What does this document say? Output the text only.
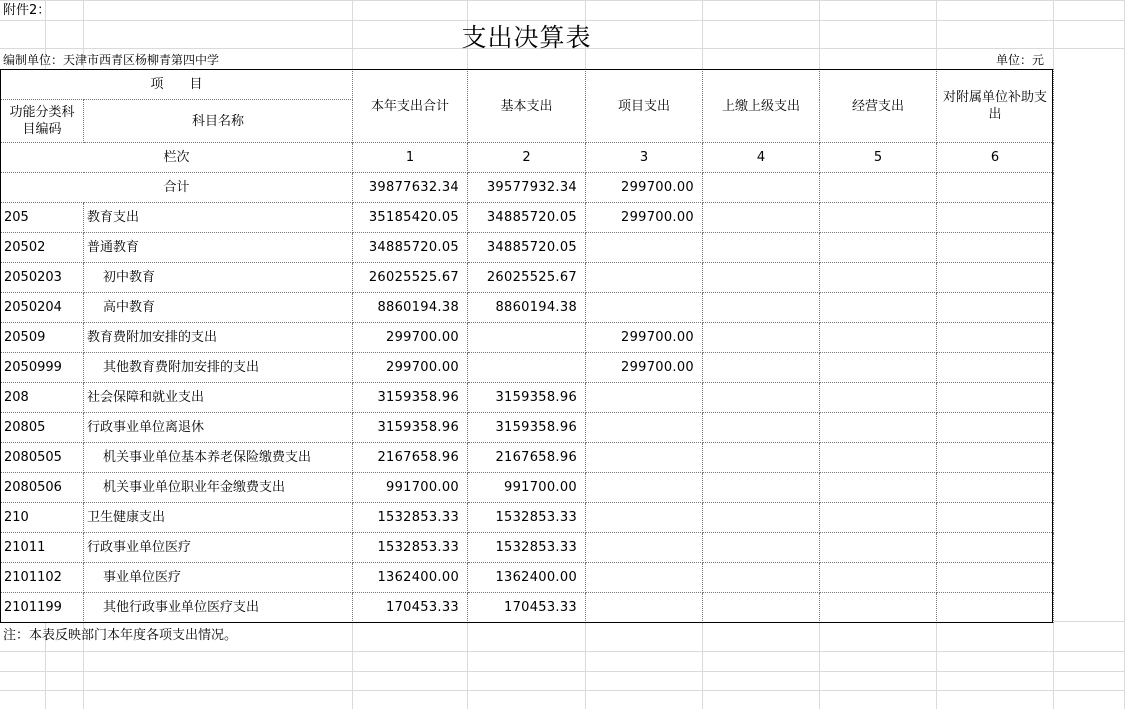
附件2：
支出决算表
编制单位：天津市西青区杨柳青第四中学	单位：元
项　　目		本年支出合计	基本支出	项目支出	上缴上级支出	经营支出	对附属单位补助支出
功能分类科目编码	科目名称						
栏次		1	2	3	4	5	6
合计		39877632.34	39577932.34	299700.00			
205	教育支出	35185420.05	34885720.05	299700.00			
20502	普通教育	34885720.05	34885720.05				
2050203	初中教育	26025525.67	26025525.67				
2050204	高中教育	8860194.38	8860194.38				
20509	教育费附加安排的支出	299700.00		299700.00			
2050999	其他教育费附加安排的支出	299700.00		299700.00			
208	社会保障和就业支出	3159358.96	3159358.96				
20805	行政事业单位离退休	3159358.96	3159358.96				
2080505	机关事业单位基本养老保险缴费支出	2167658.96	2167658.96				
2080506	机关事业单位职业年金缴费支出	991700.00	991700.00				
210	卫生健康支出	1532853.33	1532853.33				
21011	行政事业单位医疗	1532853.33	1532853.33				
2101102	事业单位医疗	1362400.00	1362400.00				
2101199	其他行政事业单位医疗支出	170453.33	170453.33				
注：本表反映部门本年度各项支出情况。
